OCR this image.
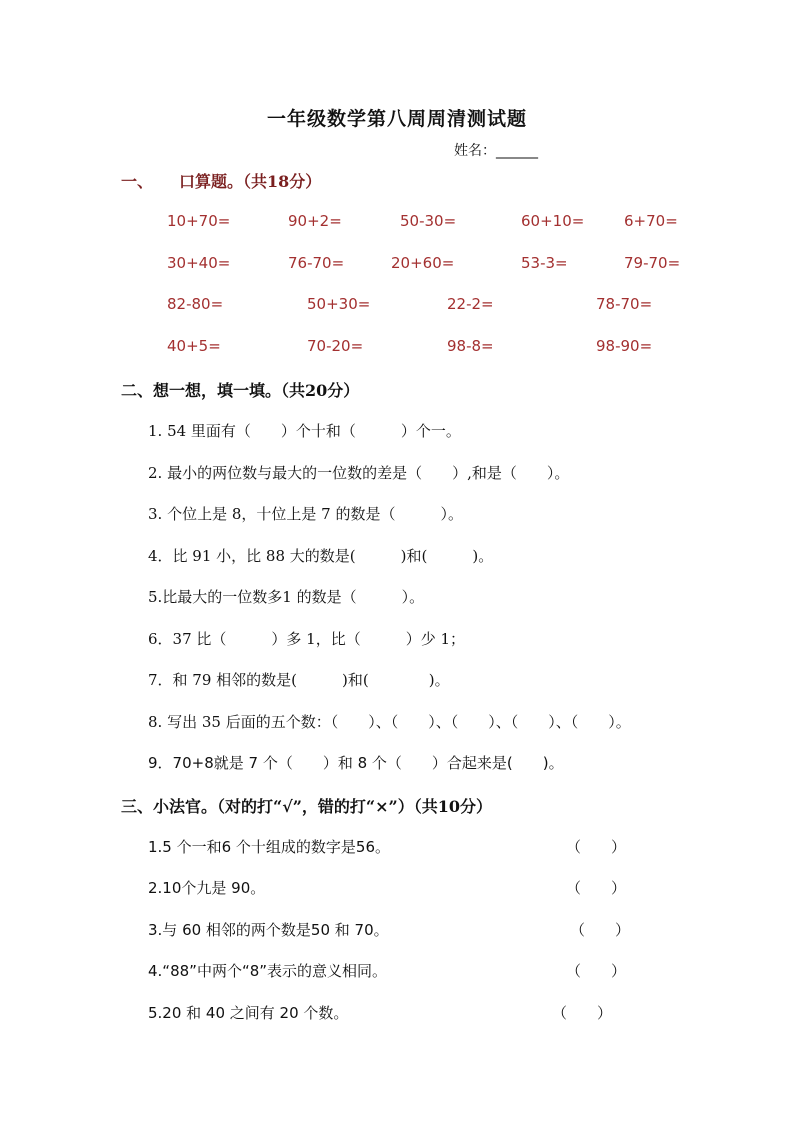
一年级数学第八周周清测试题
姓名：______
一、 口算题。（共18分）
10+70=	90+2=	50-30=	60+10=	6+70=
30+40=	76-70=	20+60=	53-3=	79-70=
82-80=	50+30=	22-2=	78-70=
40+5=	70-20=	98-8=	98-90=
二、想一想，填一填。（共20分）
1. 54 里面有（　　）个十和（　　　）个一。
2. 最小的两位数与最大的一位数的差是（　　）,和是（　　）。
3. 个位上是 8，十位上是 7 的数是（　　　）。
4．比 91 小，比 88 大的数是(　　　)和(　　　)。
5.比最大的一位数多1 的数是（　　　）。
6．37 比（　　　）多 1，比（　　　）少 1；
7．和 79 相邻的数是(　　　)和(　　　　)。
8. 写出 35 后面的五个数：（　　）、（　　）、（　　）、（　　）、（　　）。
9．70+8就是 7 个（　　）和 8 个（　　）合起来是(　　)。
三、小法官。（对的打“√”，错的打“×”）（共10分）
1.5 个一和6 个十组成的数字是56。	（　　）
2.10个九是 90。	（　　）
3.与 60 相邻的两个数是50 和 70。	（　　）
4.“88”中两个“8”表示的意义相同。	（　　）
5.20 和 40 之间有 20 个数。	（　　）
